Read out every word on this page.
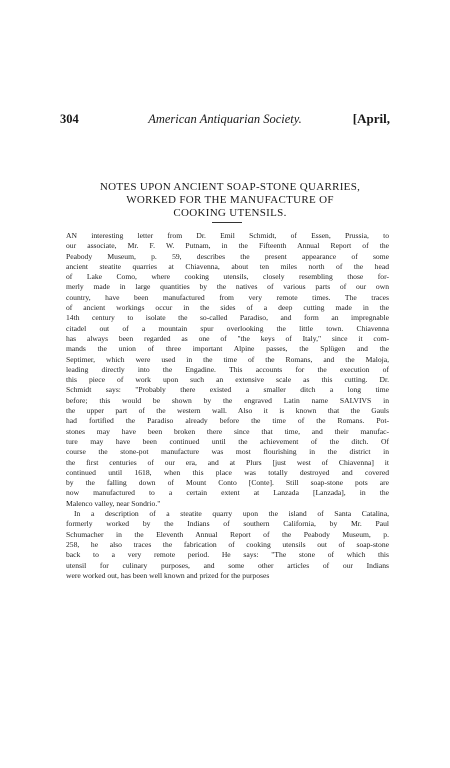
304	American Antiquarian Society.	[April,
NOTES UPON ANCIENT SOAP-STONE QUARRIES,
WORKED FOR THE MANUFACTURE OF
COOKING UTENSILS.

AN interesting letter from Dr. Emil Schmidt, of Essen, Prussia, to
our associate, Mr. F. W. Putnam, in the Fifteenth Annual Report of the
Peabody Museum, p. 59, describes the present appearance of some
ancient steatite quarries at Chiavenna, about ten miles north of the head
of Lake Como, where cooking utensils, closely resembling those for-
merly made in large quantities by the natives of various parts of our own
country, have been manufactured from very remote times. The traces
of ancient workings occur in the sides of a deep cutting made in the
14th century to isolate the so-called Paradiso, and form an impregnable
citadel out of a mountain spur overlooking the little town. Chiavenna
has always been regarded as one of "the keys of Italy," since it com-
mands the union of three important Alpine passes, the Splügen and the
Septimer, which were used in the time of the Romans, and the Maloja,
leading directly into the Engadine. This accounts for the execution of
this piece of work upon such an extensive scale as this cutting. Dr.
Schmidt says: "Probably there existed a smaller ditch a long time
before; this would be shown by the engraved Latin name SALVIVS in
the upper part of the western wall. Also it is known that the Gauls
had fortified the Paradiso already before the time of the Romans. Pot-
stones may have been broken there since that time, and their manufac-
ture may have been continued until the achievement of the ditch. Of
course the stone-pot manufacture was most flourishing in the district in
the first centuries of our era, and at Plurs [just west of Chiavenna] it
continued until 1618, when this place was totally destroyed and covered
by the falling down of Mount Conto [Conte]. Still soap-stone pots are
now manufactured to a certain extent at Lanzada [Lanzada], in the
Malenco valley, near Sondrio."

In a description of a steatite quarry upon the island of Santa Catalina,
formerly worked by the Indians of southern California, by Mr. Paul
Schumacher in the Eleventh Annual Report of the Peabody Museum, p.
258, he also traces the fabrication of cooking utensils out of soap-stone
back to a very remote period. He says: "The stone of which this
utensil for culinary purposes, and some other articles of our Indians
were worked out, has been well known and prized for the purposes
